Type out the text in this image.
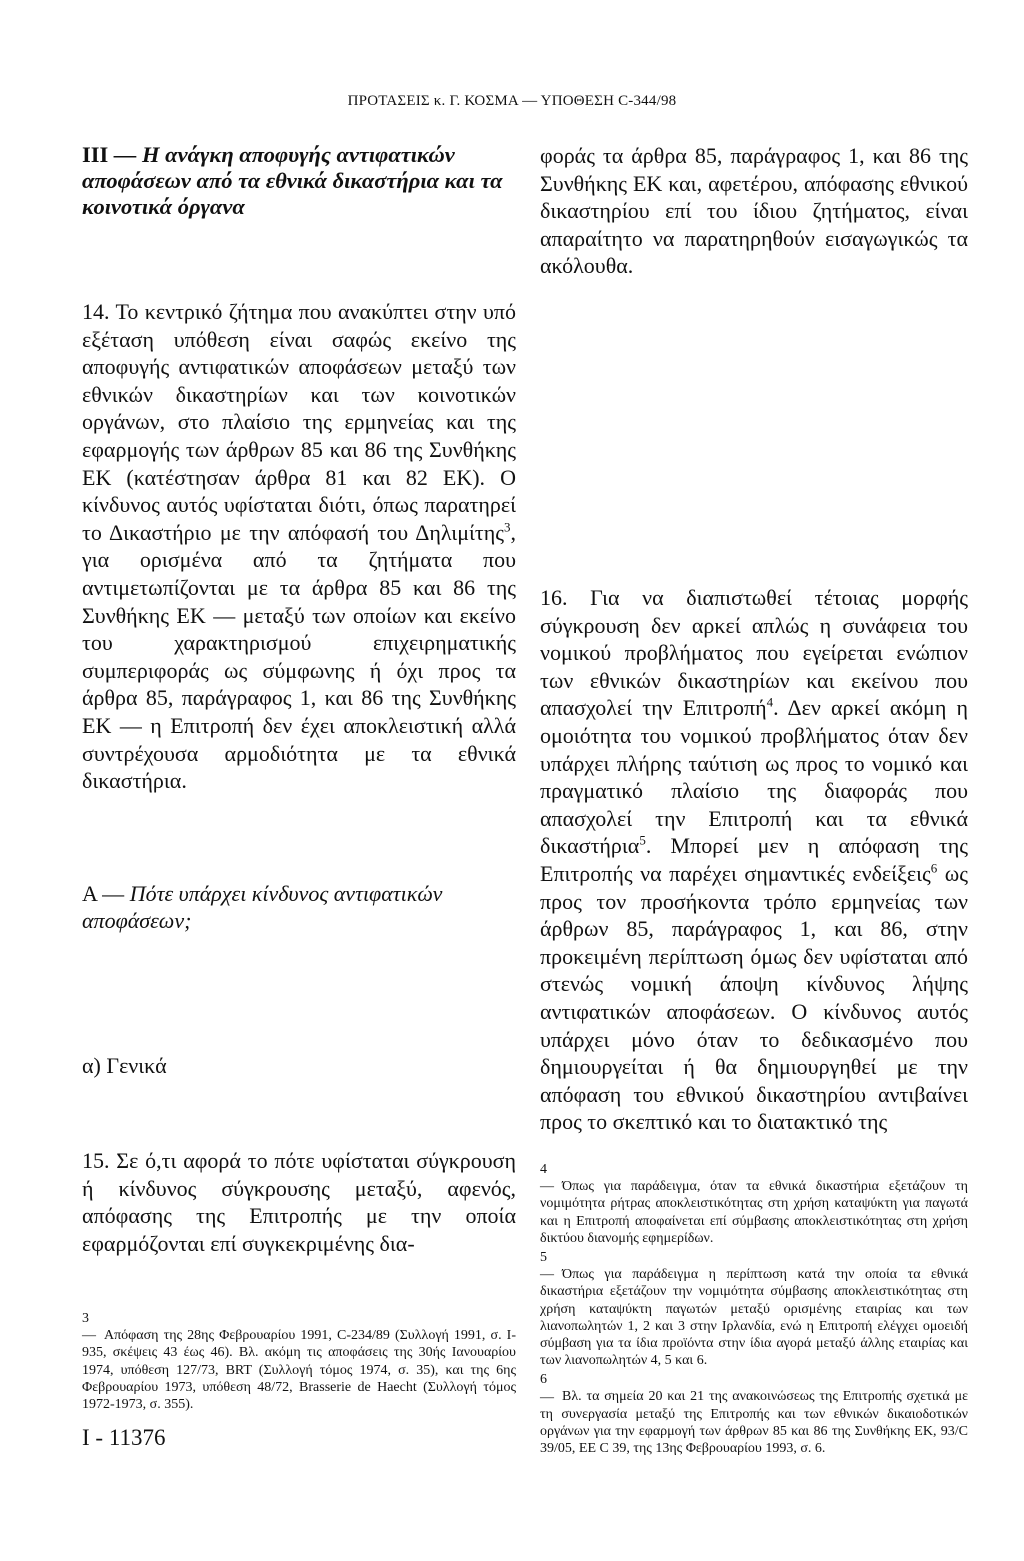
ΠΡΟΤΑΣΕΙΣ κ. Γ. ΚΟΣΜΑ — ΥΠΟΘΕΣΗ C-344/98
III — Η ανάγκη αποφυγής αντιφατικών αποφάσεων από τα εθνικά δικαστήρια και τα κοινοτικά όργανα

φοράς τα άρθρα 85, παράγραφος 1, και 86 της Συνθήκης ΕΚ και, αφετέρου, απόφασης εθνικού δικαστηρίου επί του ίδιου ζητήματος, είναι απαραίτητο να παρατηρηθούν εισαγωγικώς τα ακόλουθα.

14. Το κεντρικό ζήτημα που ανακύπτει στην υπό εξέταση υπόθεση είναι σαφώς εκείνο της αποφυγής αντιφατικών αποφάσεων μεταξύ των εθνικών δικαστηρίων και των κοινοτικών οργάνων, στο πλαίσιο της ερμηνείας και της εφαρμογής των άρθρων 85 και 86 της Συνθήκης ΕΚ (κατέστησαν άρθρα 81 και 82 ΕΚ). Ο κίνδυνος αυτός υφίσταται διότι, όπως παρατηρεί το Δικαστήριο με την απόφασή του Δηλιμίτης$^3$, για ορισμένα από τα ζητήματα που αντιμετωπίζονται με τα άρθρα 85 και 86 της Συνθήκης ΕΚ — μεταξύ των οποίων και εκείνο του χαρακτηρισμού επιχειρηματικής συμπεριφοράς ως σύμφωνης ή όχι προς τα άρθρα 85, παράγραφος 1, και 86 της Συνθήκης ΕΚ — η Επιτροπή δεν έχει αποκλειστική αλλά συντρέχουσα αρμοδιότητα με τα εθνικά δικαστήρια.

Α — Πότε υπάρχει κίνδυνος αντιφατικών αποφάσεων;
α) Γενικά

15. Σε ό,τι αφορά το πότε υφίσταται σύγκρουση ή κίνδυνος σύγκρουσης μεταξύ, αφενός, απόφασης της Επιτροπής με την οποία εφαρμόζονται επί συγκεκριμένης δια-

16. Για να διαπιστωθεί τέτοιας μορφής σύγκρουση δεν αρκεί απλώς η συνάφεια του νομικού προβλήματος που εγείρεται ενώπιον των εθνικών δικαστηρίων και εκείνου που απασχολεί την Επιτροπή$^4$. Δεν αρκεί ακόμη η ομοιότητα του νομικού προβλήματος όταν δεν υπάρχει πλήρης ταύτιση ως προς το νομικό και πραγματικό πλαίσιο της διαφοράς που απασχολεί την Επιτροπή και τα εθνικά δικαστήρια$^5$. Μπορεί μεν η απόφαση της Επιτροπής να παρέχει σημαντικές ενδείξεις$^6$ ως προς τον προσήκοντα τρόπο ερμηνείας των άρθρων 85, παράγραφος 1, και 86, στην προκειμένη περίπτωση όμως δεν υφίσταται από στενώς νομική άποψη κίνδυνος λήψης αντιφατικών αποφάσεων. Ο κίνδυνος αυτός υπάρχει μόνο όταν το δεδικασμένο που δημιουργείται ή θα δημιουργηθεί με την απόφαση του εθνικού δικαστηρίου αντιβαίνει προς το σκεπτικό και το διατακτικό της

3 — Απόφαση της 28ης Φεβρουαρίου 1991, C-234/89 (Συλλογή 1991, σ. I-935, σκέψεις 43 έως 46). Βλ. ακόμη τις αποφάσεις της 30ής Ιανουαρίου 1974, υπόθεση 127/73, BRT (Συλλογή τόμος 1974, σ. 35), και της 6ης Φεβρουαρίου 1973, υπόθεση 48/72, Brasserie de Haecht (Συλλογή τόμος 1972-1973, σ. 355).

4 — Όπως για παράδειγμα, όταν τα εθνικά δικαστήρια εξετάζουν τη νομιμότητα ρήτρας αποκλειστικότητας στη χρήση καταψύκτη για παγωτά και η Επιτροπή αποφαίνεται επί σύμβασης αποκλειστικότητας στη χρήση δικτύου διανομής εφημερίδων.

5 — Όπως για παράδειγμα η περίπτωση κατά την οποία τα εθνικά δικαστήρια εξετάζουν την νομιμότητα σύμβασης αποκλειστικότητας στη χρήση καταψύκτη παγωτών μεταξύ ορισμένης εταιρίας και των λιανοπωλητών 1, 2 και 3 στην Ιρλανδία, ενώ η Επιτροπή ελέγχει ομοειδή σύμβαση για τα ίδια προϊόντα στην ίδια αγορά μεταξύ άλλης εταιρίας και των λιανοπωλητών 4, 5 και 6.

6 — Βλ. τα σημεία 20 και 21 της ανακοινώσεως της Επιτροπής σχετικά με τη συνεργασία μεταξύ της Επιτροπής και των εθνικών δικαιοδοτικών οργάνων για την εφαρμογή των άρθρων 85 και 86 της Συνθήκης ΕΚ, 93/C 39/05, ΕΕ C 39, της 13ης Φεβρουαρίου 1993, σ. 6.

I - 11376
